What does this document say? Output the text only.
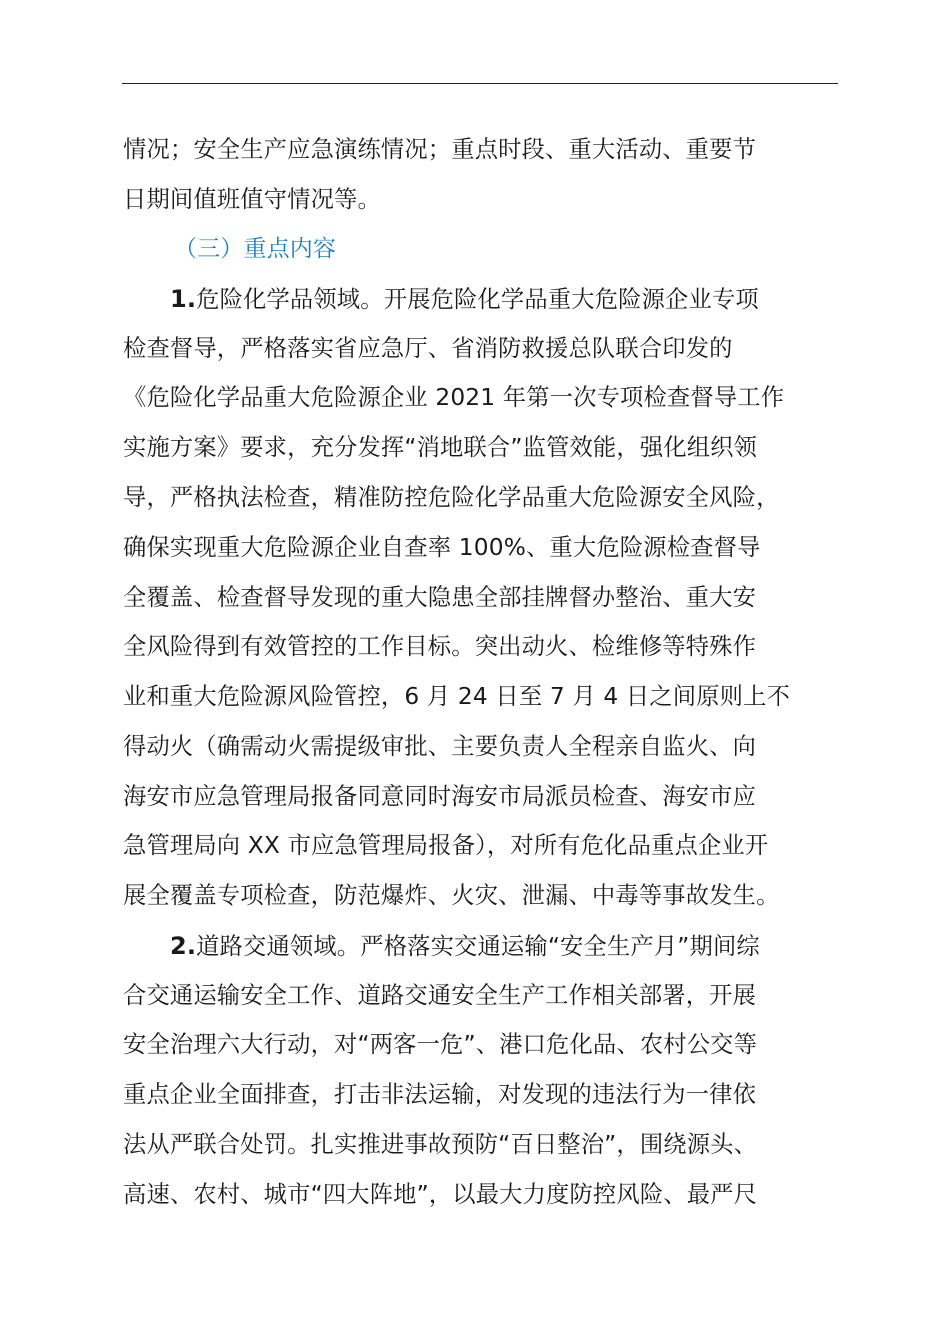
情况；安全生产应急演练情况；重点时段、重大活动、重要节
日期间值班值守情况等。
（三）重点内容
1.危险化学品领域。开展危险化学品重大危险源企业专项
检查督导，严格落实省应急厅、省消防救援总队联合印发的
《危险化学品重大危险源企业 2021 年第一次专项检查督导工作
实施方案》要求，充分发挥“消地联合”监管效能，强化组织领
导，严格执法检查，精准防控危险化学品重大危险源安全风险，
确保实现重大危险源企业自查率 100%、重大危险源检查督导
全覆盖、检查督导发现的重大隐患全部挂牌督办整治、重大安
全风险得到有效管控的工作目标。突出动火、检维修等特殊作
业和重大危险源风险管控，6 月 24 日至 7 月 4 日之间原则上不
得动火（确需动火需提级审批、主要负责人全程亲自监火、向
海安市应急管理局报备同意同时海安市局派员检查、海安市应
急管理局向 XX 市应急管理局报备），对所有危化品重点企业开
展全覆盖专项检查，防范爆炸、火灾、泄漏、中毒等事故发生。
2.道路交通领域。严格落实交通运输“安全生产月”期间综
合交通运输安全工作、道路交通安全生产工作相关部署，开展
安全治理六大行动，对“两客一危”、港口危化品、农村公交等
重点企业全面排查，打击非法运输，对发现的违法行为一律依
法从严联合处罚。扎实推进事故预防“百日整治”，围绕源头、
高速、农村、城市“四大阵地”，以最大力度防控风险、最严尺
